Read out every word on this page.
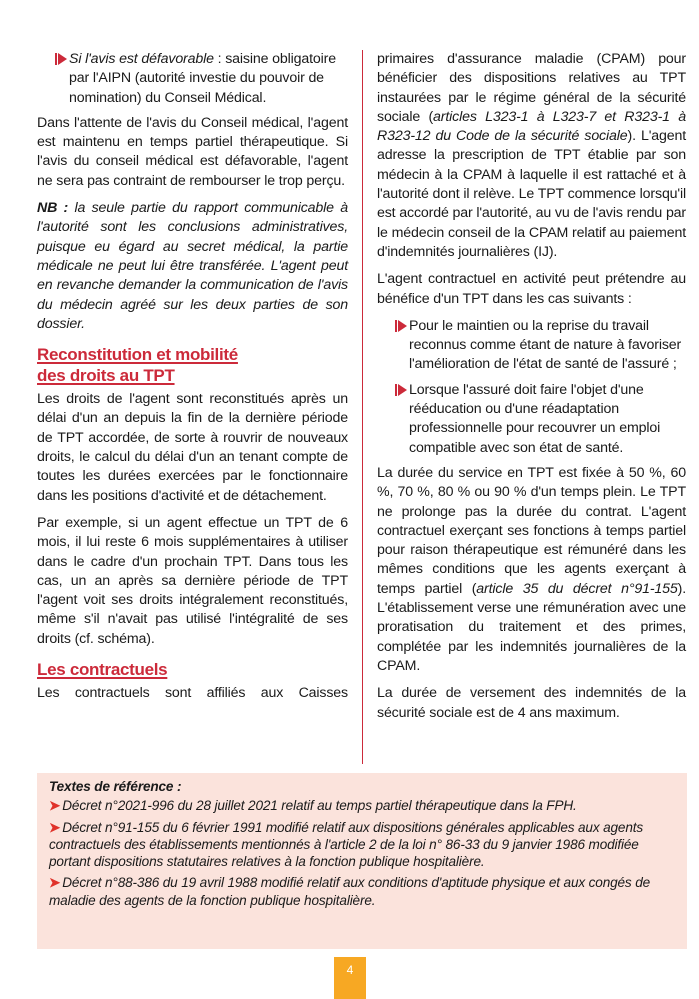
Si l'avis est défavorable : saisine obligatoire par l'AIPN (autorité investie du pouvoir de nomination) du Conseil Médical.

Dans l'attente de l'avis du Conseil médical, l'agent est maintenu en temps partiel thérapeutique. Si l'avis du conseil médical est défavorable, l'agent ne sera pas contraint de rembourser le trop perçu.

NB : la seule partie du rapport communicable à l'autorité sont les conclusions administratives, puisque eu égard au secret médical, la partie médicale ne peut lui être transférée. L'agent peut en revanche demander la communication de l'avis du médecin agréé sur les deux parties de son dossier.

Reconstitution et mobilité
des droits au TPT

Les droits de l'agent sont reconstitués après un délai d'un an depuis la fin de la dernière période de TPT accordée, de sorte à rouvrir de nouveaux droits, le calcul du délai d'un an tenant compte de toutes les durées exercées par le fonctionnaire dans les positions d'activité et de détachement.

Par exemple, si un agent effectue un TPT de 6 mois, il lui reste 6 mois supplémentaires à utiliser dans le cadre d'un prochain TPT. Dans tous les cas, un an après sa dernière période de TPT l'agent voit ses droits intégralement reconstitués, même s'il n'avait pas utilisé l'intégralité de ses droits (cf. schéma).

Les contractuels

Les contractuels sont affiliés aux Caisses

primaires d'assurance maladie (CPAM) pour bénéficier des dispositions relatives au TPT instaurées par le régime général de la sécurité sociale (articles L323-1 à L323-7 et R323-1 à R323-12 du Code de la sécurité sociale). L'agent adresse la prescription de TPT établie par son médecin à la CPAM à laquelle il est rattaché et à l'autorité dont il relève. Le TPT commence lorsqu'il est accordé par l'autorité, au vu de l'avis rendu par le médecin conseil de la CPAM relatif au paiement d'indemnités journalières (IJ).

L'agent contractuel en activité peut prétendre au bénéfice d'un TPT dans les cas suivants :

Pour le maintien ou la reprise du travail reconnus comme étant de nature à favoriser l'amélioration de l'état de santé de l'assuré ;
Lorsque l'assuré doit faire l'objet d'une rééducation ou d'une réadaptation professionnelle pour recouvrer un emploi compatible avec son état de santé.

La durée du service en TPT est fixée à 50 %, 60 %, 70 %, 80 % ou 90 % d'un temps plein. Le TPT ne prolonge pas la durée du contrat. L'agent contractuel exerçant ses fonctions à temps partiel pour raison thérapeutique est rémunéré dans les mêmes conditions que les agents exerçant à temps partiel (article 35 du décret n°91-155). L'établissement verse une rémunération avec une proratisation du traitement et des primes, complétée par les indemnités journalières de la CPAM.

La durée de versement des indemnités de la sécurité sociale est de 4 ans maximum.

Textes de référence :
➤ Décret n°2021-996 du 28 juillet 2021 relatif au temps partiel thérapeutique dans la FPH.
➤ Décret n°91-155 du 6 février 1991 modifié relatif aux dispositions générales applicables aux agents contractuels des établissements mentionnés à l'article 2 de la loi n° 86-33 du 9 janvier 1986 modifiée portant dispositions statutaires relatives à la fonction publique hospitalière.
➤ Décret n°88-386 du 19 avril 1988 modifié relatif aux conditions d'aptitude physique et aux congés de maladie des agents de la fonction publique hospitalière.
4
